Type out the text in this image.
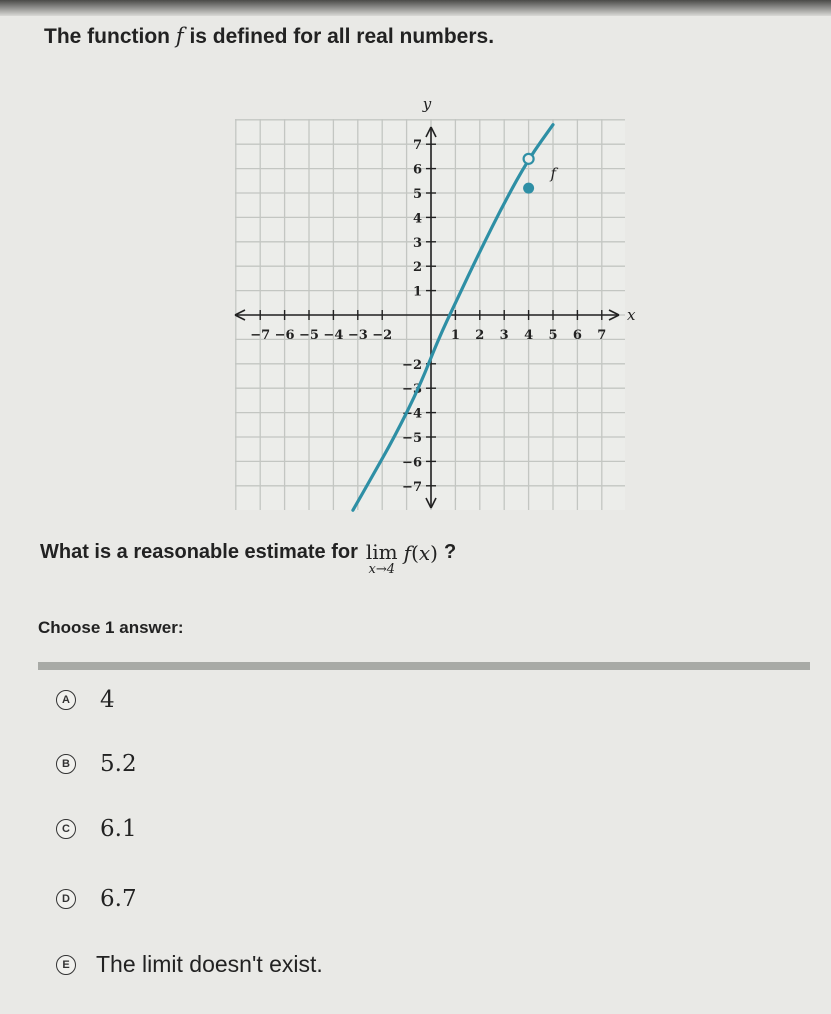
The function f is defined for all real numbers.
−7 −6 −5 −4 −3 −2	1 2 3 4 5 6 7
7
6
5
4
3
2
1
−2
−3
−4
−5
−6
−7
x
y
f
What is a reasonable estimate for lim
x→4
f(x) ?
Choose 1 answer:
A 4
B 5.2
C 6.1
D 6.7
E The limit doesn't exist.
